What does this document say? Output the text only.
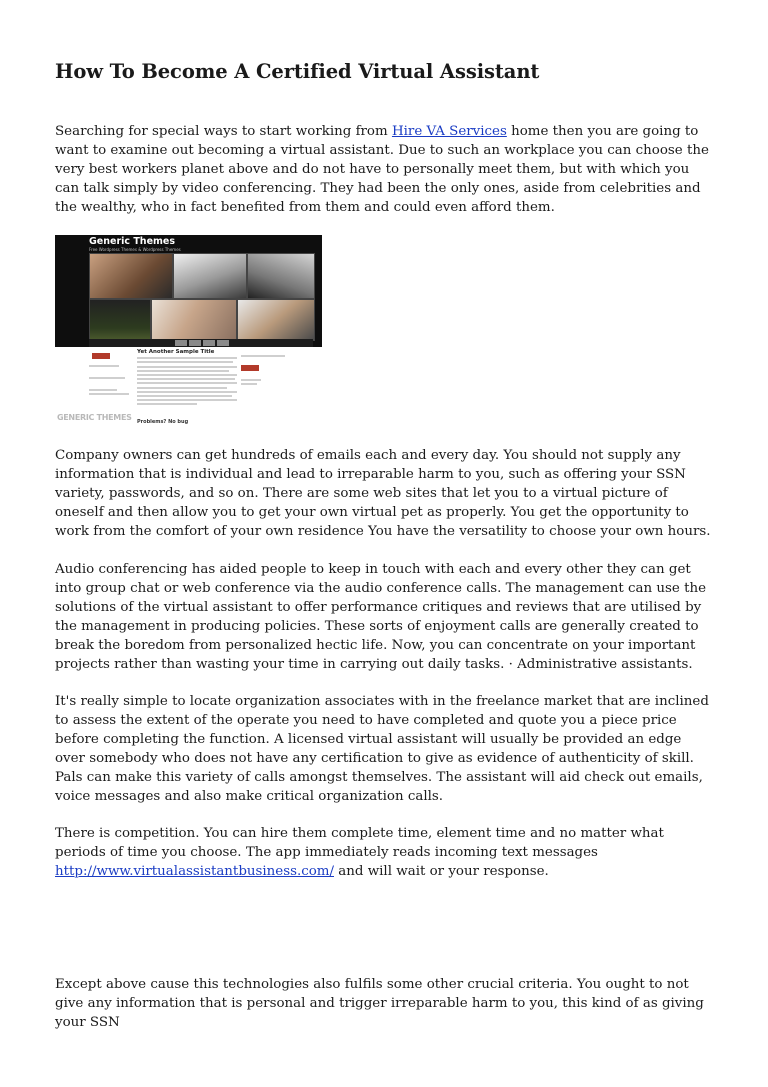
How To Become A Certified Virtual Assistant

Searching for special ways to start working from Hire VA Services home then you are going to want to examine out becoming a virtual assistant. Due to such an workplace you can choose the very best workers planet above and do not have to personally meet them, but with which you can talk simply by video conferencing. They had been the only ones, aside from celebrities and the wealthy, who in fact benefited from them and could even afford them.

Generic Themes
Free Wordpress Themes & Wordpress Themes
Yet Another Sample Title
Problems? No bug
GENERIC THEMES

Company owners can get hundreds of emails each and every day. You should not supply any information that is individual and lead to irreparable harm to you, such as offering your SSN variety, passwords, and so on. There are some web sites that let you to a virtual picture of oneself and then allow you to get your own virtual pet as properly. You get the opportunity to work from the comfort of your own residence You have the versatility to choose your own hours.

Audio conferencing has aided people to keep in touch with each and every other they can get into group chat or web conference via the audio conference calls. The management can use the solutions of the virtual assistant to offer performance critiques and reviews that are utilised by the management in producing policies. These sorts of enjoyment calls are generally created to break the boredom from personalized hectic life. Now, you can concentrate on your important projects rather than wasting your time in carrying out daily tasks. · Administrative assistants.

It's really simple to locate organization associates with in the freelance market that are inclined to assess the extent of the operate you need to have completed and quote you a piece price before completing the function. A licensed virtual assistant will usually be provided an edge over somebody who does not have any certification to give as evidence of authenticity of skill. Pals can make this variety of calls amongst themselves. The assistant will aid check out emails, voice messages and also make critical organization calls.

There is competition. You can hire them complete time, element time and no matter what periods of time you choose. The app immediately reads incoming text messages http://www.virtualassistantbusiness.com/ and will wait or your response.

Except above cause this technologies also fulfils some other crucial criteria. You ought to not give any information that is personal and trigger irreparable harm to you, this kind of as giving your SSN
